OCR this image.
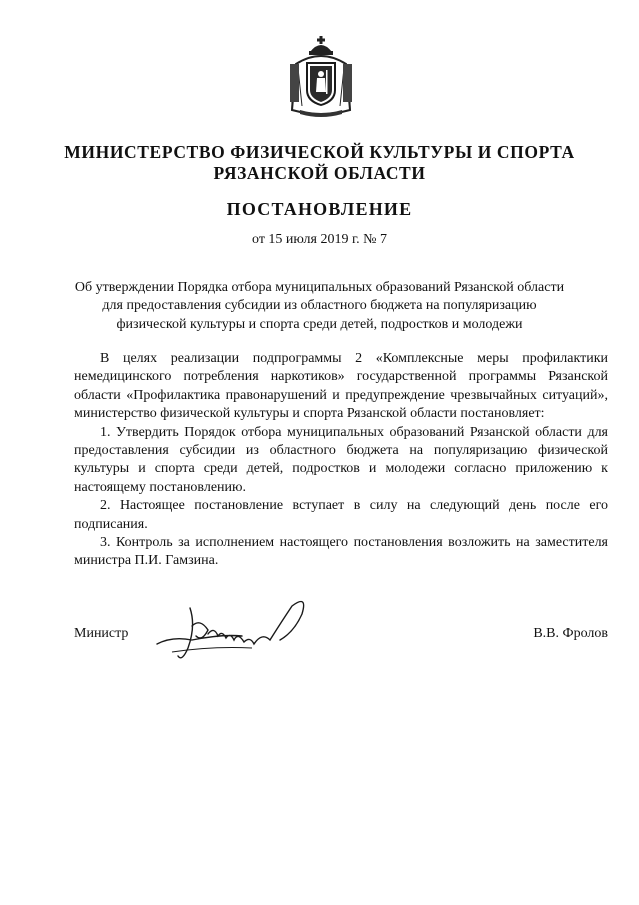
МИНИСТЕРСТВО ФИЗИЧЕСКОЙ КУЛЬТУРЫ И СПОРТА
РЯЗАНСКОЙ ОБЛАСТИ
ПОСТАНОВЛЕНИЕ
от 15 июля 2019 г. № 7
Об утверждении Порядка отбора муниципальных образований Рязанской области
для предоставления субсидии из областного бюджета на популяризацию
физической культуры и спорта среди детей, подростков и молодежи

В целях реализации подпрограммы 2 «Комплексные меры профилактики немедицинского потребления наркотиков» государственной программы Рязанской области «Профилактика правонарушений и предупреждение чрезвычайных ситуаций», министерство физической культуры и спорта Рязанской области постановляет:

1. Утвердить Порядок отбора муниципальных образований Рязанской области для предоставления субсидии из областного бюджета на популяризацию физической культуры и спорта среди детей, подростков и молодежи согласно приложению к настоящему постановлению.

2. Настоящее постановление вступает в силу на следующий день после его подписания.

3. Контроль за исполнением настоящего постановления возложить на заместителя министра П.И. Гамзина.

Министр	В.В. Фролов
